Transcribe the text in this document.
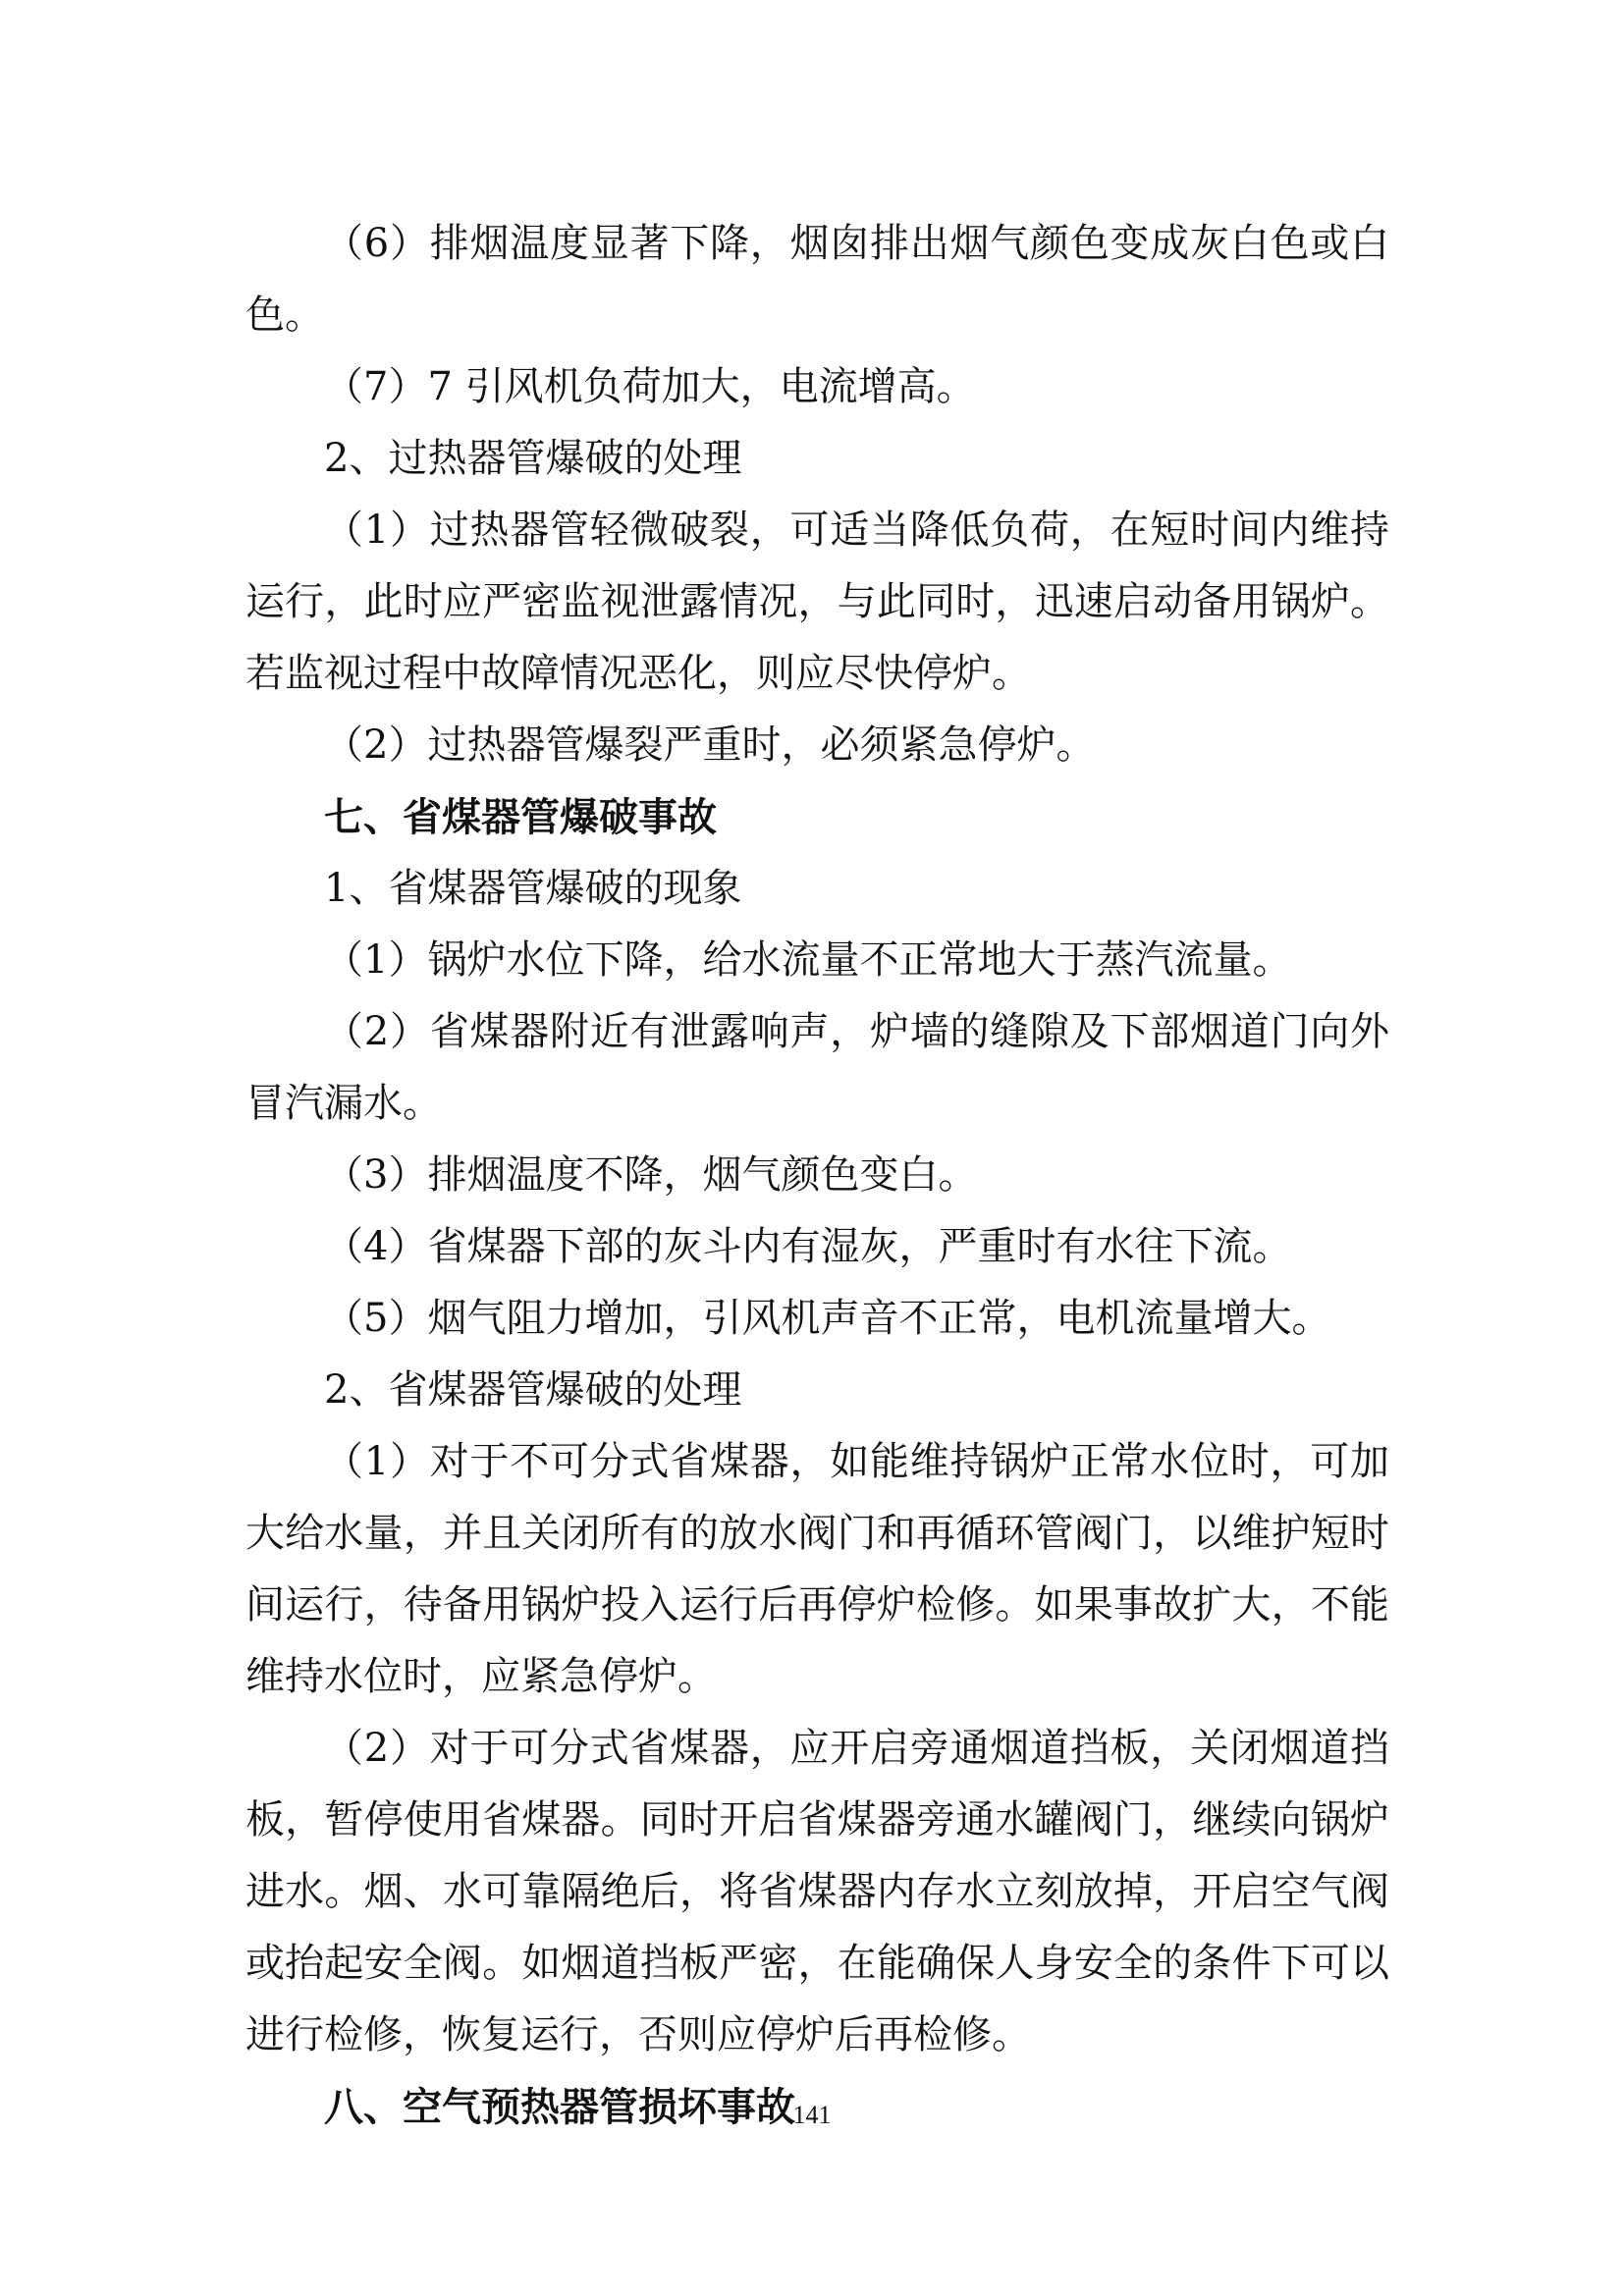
（6）排烟温度显著下降，烟囱排出烟气颜色变成灰白色或白色。

（7）7 引风机负荷加大，电流增高。

2、过热器管爆破的处理

（1）过热器管轻微破裂，可适当降低负荷，在短时间内维持运行，此时应严密监视泄露情况，与此同时，迅速启动备用锅炉。若监视过程中故障情况恶化，则应尽快停炉。

（2）过热器管爆裂严重时，必须紧急停炉。

七、省煤器管爆破事故

1、省煤器管爆破的现象

（1）锅炉水位下降，给水流量不正常地大于蒸汽流量。

（2）省煤器附近有泄露响声，炉墙的缝隙及下部烟道门向外冒汽漏水。

（3）排烟温度不降，烟气颜色变白。

（4）省煤器下部的灰斗内有湿灰，严重时有水往下流。

（5）烟气阻力增加，引风机声音不正常，电机流量增大。

2、省煤器管爆破的处理

（1）对于不可分式省煤器，如能维持锅炉正常水位时，可加大给水量，并且关闭所有的放水阀门和再循环管阀门，以维护短时间运行，待备用锅炉投入运行后再停炉检修。如果事故扩大，不能维持水位时，应紧急停炉。

（2）对于可分式省煤器，应开启旁通烟道挡板，关闭烟道挡板，暂停使用省煤器。同时开启省煤器旁通水罐阀门，继续向锅炉进水。烟、水可靠隔绝后，将省煤器内存水立刻放掉，开启空气阀或抬起安全阀。如烟道挡板严密，在能确保人身安全的条件下可以进行检修，恢复运行，否则应停炉后再检修。

八、空气预热器管损坏事故

141
